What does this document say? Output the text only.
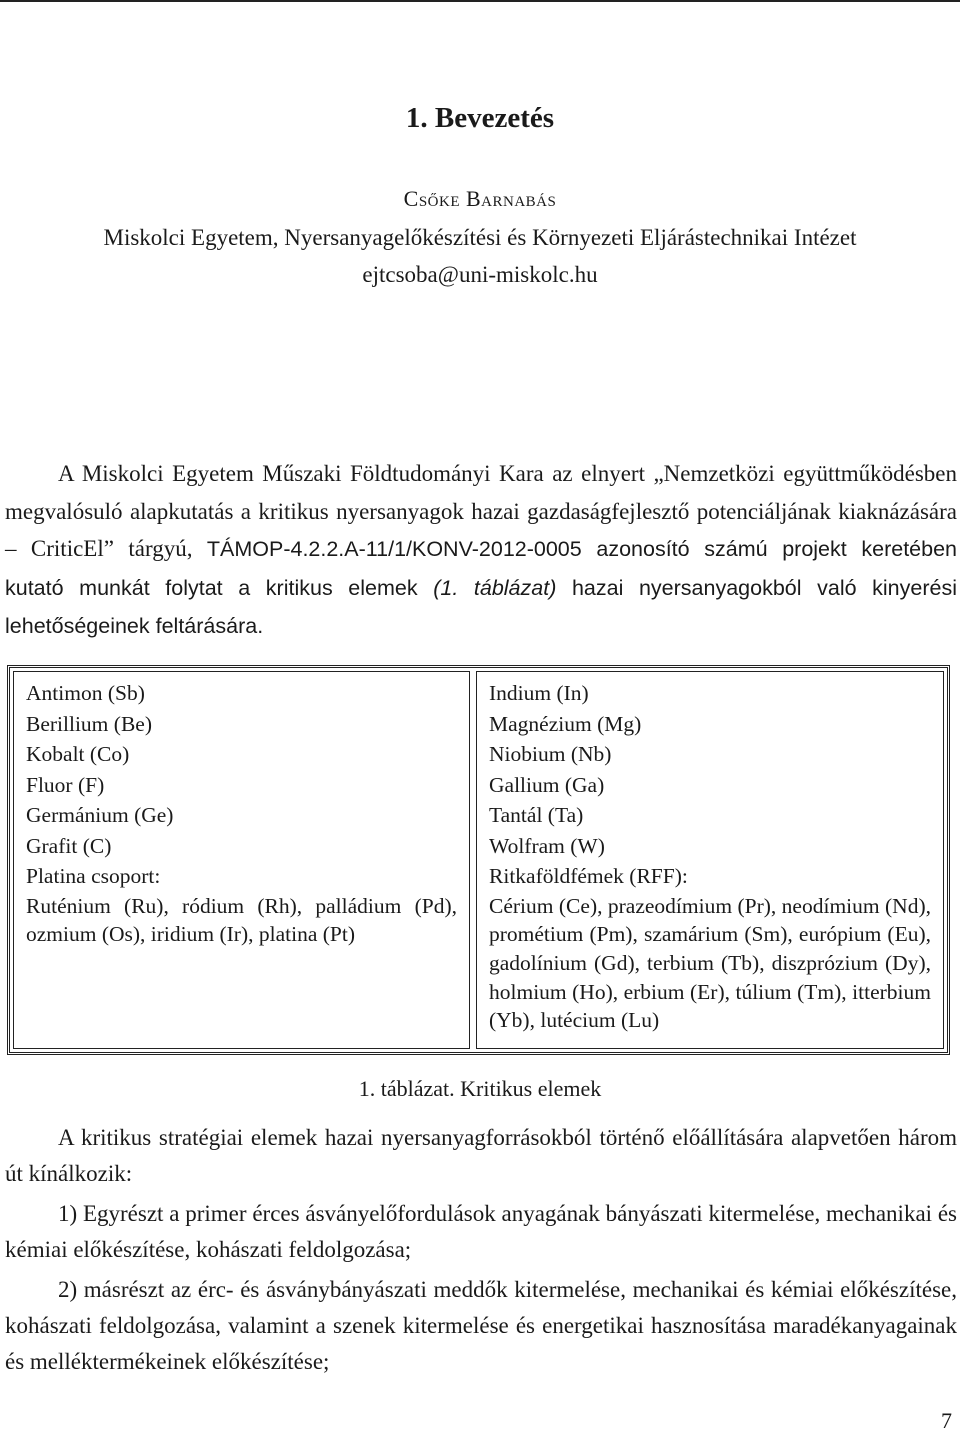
1. Bevezetés
Csőke Barnabás
Miskolci Egyetem, Nyersanyagelőkészítési és Környezeti Eljárástechnikai Intézet
ejtcsoba@uni-miskolc.hu
A Miskolci Egyetem Műszaki Földtudományi Kara az elnyert „Nemzetközi együttműködésben megvalósuló alapkutatás a kritikus nyersanyagok hazai gazdaságfejlesztő potenciáljának kiaknázására – CriticEl” tárgyú, TÁMOP-4.2.2.A-11/1/KONV-2012-0005 azonosító számú projekt keretében kutató munkát folytat a kritikus elemek (1. táblázat) hazai nyersanyagokból való kinyerési lehetőségeinek feltárására.
Antimon (Sb)
Berillium (Be)
Kobalt (Co)
Fluor (F)
Germánium (Ge)
Grafit (C)
Platina csoport:
Ruténium (Ru), ródium (Rh), palládium (Pd), ozmium (Os), iridium (Ir), platina (Pt)
Indium (In)
Magnézium (Mg)
Niobium (Nb)
Gallium (Ga)
Tantál (Ta)
Wolfram (W)
Ritkaföldfémek (RFF):
Cérium (Ce), prazeodímium (Pr), neodímium (Nd), prométium (Pm), szamárium (Sm), európium (Eu), gadolínium (Gd), terbium (Tb), diszprózium (Dy), holmium (Ho), erbium (Er), túlium (Tm), itterbium (Yb), lutécium (Lu)
1. táblázat. Kritikus elemek
A kritikus stratégiai elemek hazai nyersanyagforrásokból történő előállítására alapvetően három út kínálkozik:
1) Egyrészt a primer érces ásványelőfordulások anyagának bányászati kitermelése, mechanikai és kémiai előkészítése, kohászati feldolgozása;
2) másrészt az érc- és ásványbányászati meddők kitermelése, mechanikai és kémiai előkészítése, kohászati feldolgozása, valamint a szenek kitermelése és energetikai hasznosítása maradékanyagainak és melléktermékeinek előkészítése;
7
